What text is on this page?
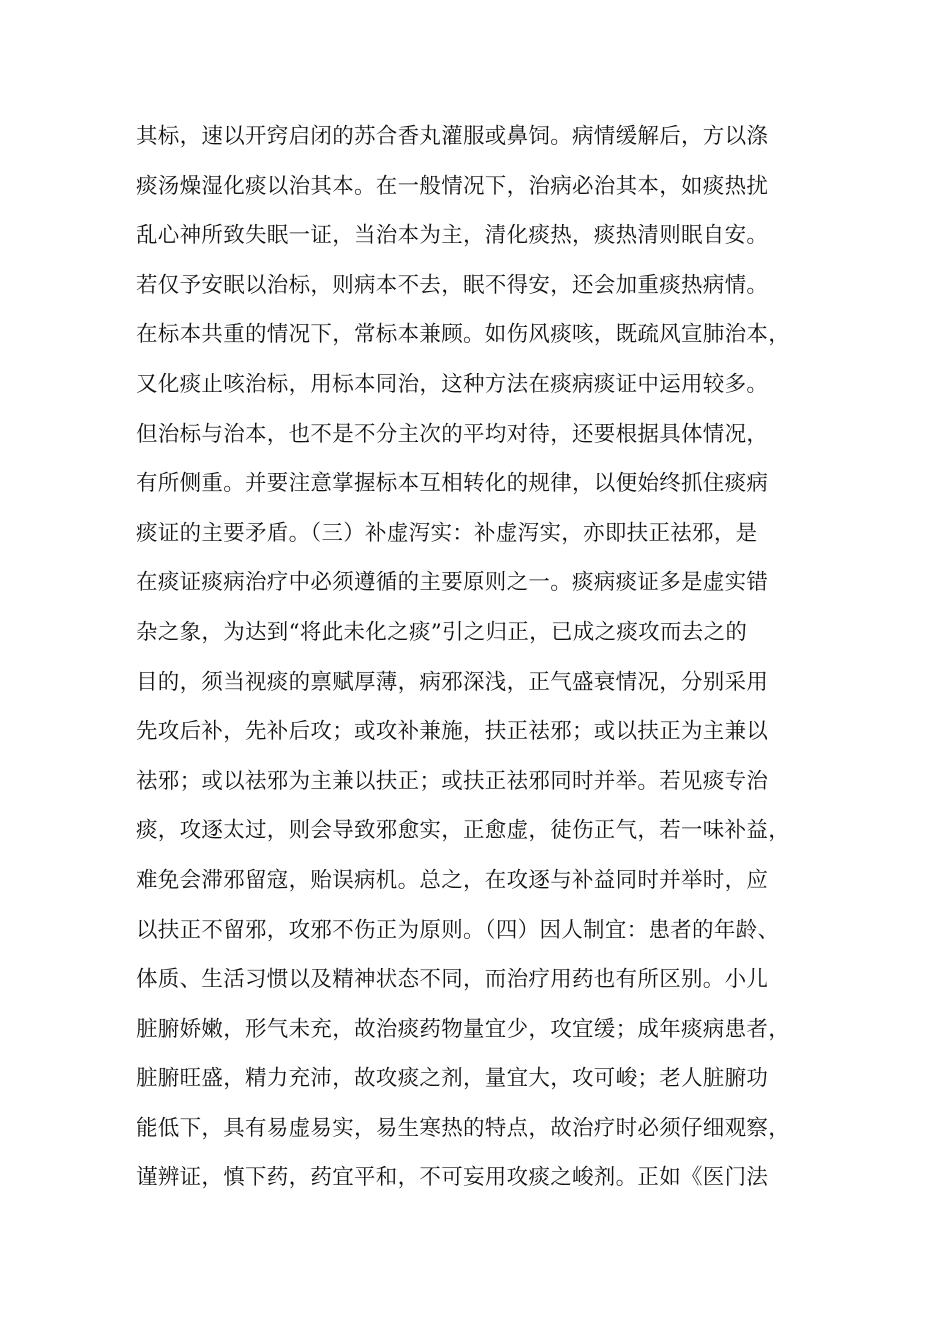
其标，速以开窍启闭的苏合香丸灌服或鼻饲。病情缓解后，方以涤
痰汤燥湿化痰以治其本。在一般情况下，治病必治其本，如痰热扰
乱心神所致失眠一证，当治本为主，清化痰热，痰热清则眠自安。
若仅予安眠以治标，则病本不去，眠不得安，还会加重痰热病情。
在标本共重的情况下，常标本兼顾。如伤风痰咳，既疏风宣肺治本，
又化痰止咳治标，用标本同治，这种方法在痰病痰证中运用较多。
但治标与治本，也不是不分主次的平均对待，还要根据具体情况，
有所侧重。并要注意掌握标本互相转化的规律，以便始终抓住痰病
痰证的主要矛盾。（三）补虚泻实：补虚泻实，亦即扶正祛邪，是
在痰证痰病治疗中必须遵循的主要原则之一。痰病痰证多是虚实错
杂之象，为达到“将此未化之痰”引之归正，已成之痰攻而去之的
目的，须当视痰的禀赋厚薄，病邪深浅，正气盛衰情况，分别采用
先攻后补，先补后攻；或攻补兼施，扶正祛邪；或以扶正为主兼以
祛邪；或以祛邪为主兼以扶正；或扶正祛邪同时并举。若见痰专治
痰，攻逐太过，则会导致邪愈实，正愈虚，徒伤正气，若一味补益，
难免会滞邪留寇，贻误病机。总之，在攻逐与补益同时并举时，应
以扶正不留邪，攻邪不伤正为原则。（四）因人制宜：患者的年龄、
体质、生活习惯以及精神状态不同，而治疗用药也有所区别。小儿
脏腑娇嫩，形气未充，故治痰药物量宜少，攻宜缓；成年痰病患者，
脏腑旺盛，精力充沛，故攻痰之剂，量宜大，攻可峻；老人脏腑功
能低下，具有易虚易实，易生寒热的特点，故治疗时必须仔细观察，
谨辨证，慎下药，药宜平和，不可妄用攻痰之峻剂。正如《医门法
